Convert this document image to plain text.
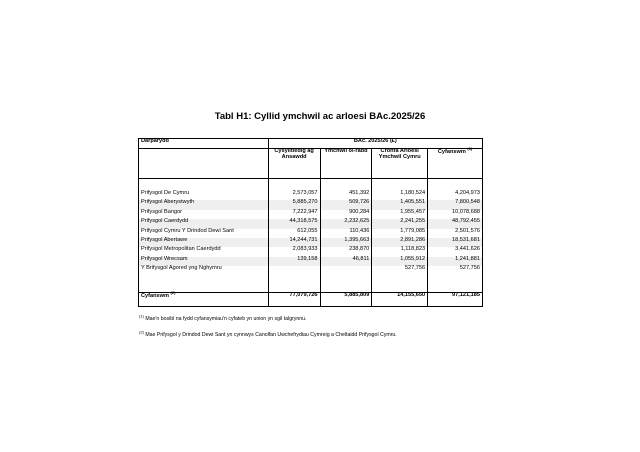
Tabl H1: Cyllid ymchwil ac arloesi BAc.2025/26
Darparydd	BAc. 2025/26 (£)			
	Cysylltiedig ag Ansawdd	Ymchwil ôl-radd	Cronfa Arloesi Ymchwil Cymru	Cyfanswm $^{(1)}$

Prifysgol De Cymru	2,573,057	451,392	1,180,524	4,204,973
Prifysgol Aberystwyth	5,885,270	509,726	1,405,551	7,800,548
Prifysgol Bangor	7,222,947	900,284	1,955,457	10,078,688
Prifysgol Caerdydd	44,318,575	2,232,625	2,241,255	48,792,455
Prifysgol Cymru Y Drindod Dewi Sant	612,055	110,436	1,779,085	2,501,576
Prifysgol Abertawe	14,244,731	1,395,663	2,891,286	18,531,681
Prifysgol Metropolitan Caerdydd	2,083,933	238,870	1,118,823	3,441,626
Prifysgol Wrecsam	139,158	46,811	1,055,912	1,241,881
Y Brifysgol Agored yng Nghymru			527,756	527,756

Cyfanswm $^{(2)}$	77,079,726	5,885,809	14,155,650	97,121,185
$^{(1)}$ Mae'n bosibl na fydd cyfansymiau'n cyfateb yn union yn sgil talgrynnu.
$^{(2)}$ Mae Prifysgol y Drindod Dewi Sant yn cynnwys Canolfan Uwchefrydiau Cymreig a Cheltaidd Prifysgol Cymru.
